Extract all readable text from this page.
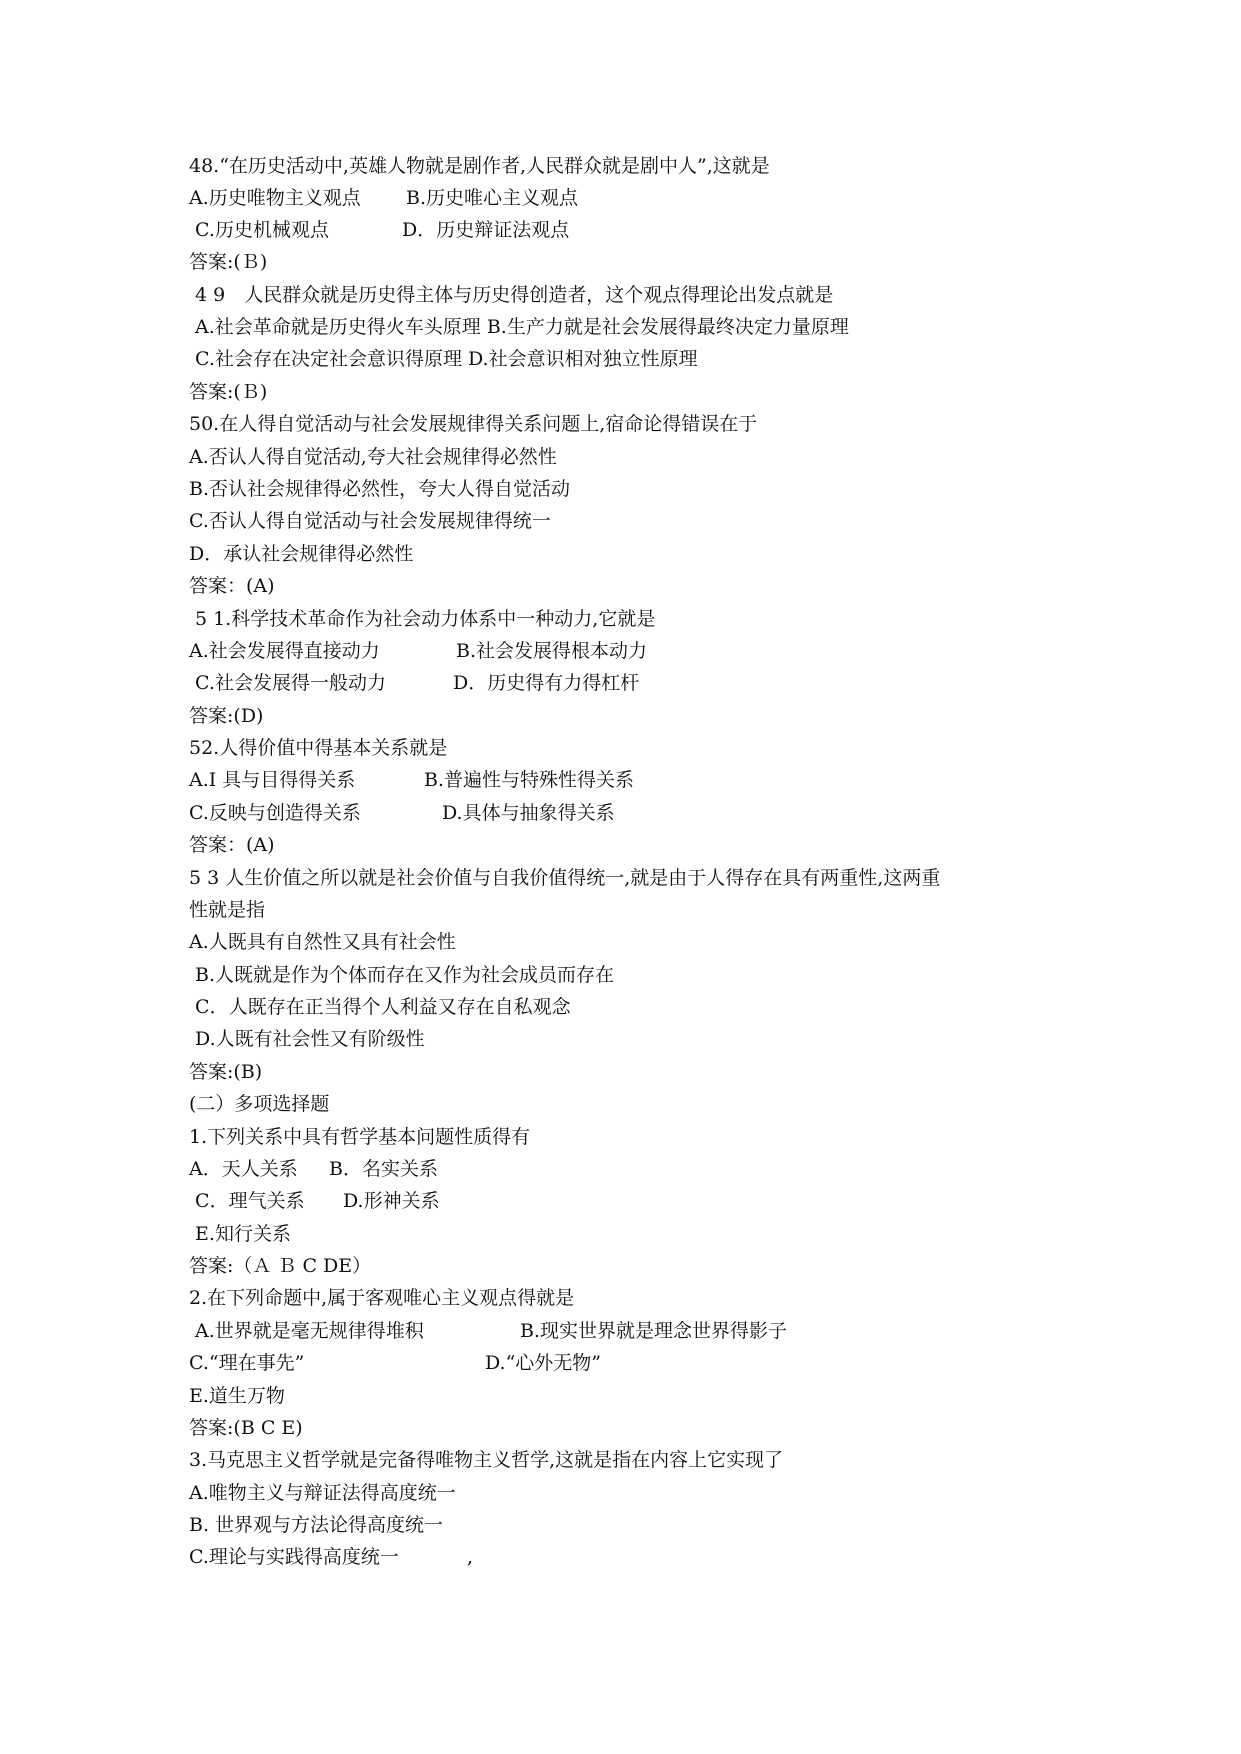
48.“在历史活动中,英雄人物就是剧作者,人民群众就是剧中人”,这就是
A.历史唯物主义观点 B.历史唯心主义观点
C.历史机械观点	D．历史辩证法观点
答案:(Ｂ)
4 9　人民群众就是历史得主体与历史得创造者，这个观点得理论出发点就是
A.社会革命就是历史得火车头原理 B.生产力就是社会发展得最终决定力量原理
C.社会存在决定社会意识得原理 D.社会意识相对独立性原理
答案:(Ｂ)
50.在人得自觉活动与社会发展规律得关系问题上,宿命论得错误在于
A.否认人得自觉活动,夸大社会规律得必然性
B.否认社会规律得必然性，夸大人得自觉活动
C.否认人得自觉活动与社会发展规律得统一
D．承认社会规律得必然性
答案：(A)
5 1.科学技术革命作为社会动力体系中一种动力,它就是
A.社会发展得直接动力	B.社会发展得根本动力
C.社会发展得一般动力	D．历史得有力得杠杆
答案:(D)
52.人得价值中得基本关系就是
A.I 具与目得得关系	B.普遍性与特殊性得关系
C.反映与创造得关系	D.具体与抽象得关系
答案：(A)
5 3 人生价值之所以就是社会价值与自我价值得统一,就是由于人得存在具有两重性,这两重
性就是指
A.人既具有自然性又具有社会性
B.人既就是作为个体而存在又作为社会成员而存在
C．人既存在正当得个人利益又存在自私观念
D.人既有社会性又有阶级性
答案:(B)
(二）多项选择题
1.下列关系中具有哲学基本问题性质得有
A．天人关系 B．名实关系
C．理气关系 D.形神关系
E.知行关系
答案:（Ａ Ｂ C DE）
2.在下列命题中,属于客观唯心主义观点得就是
A.世界就是毫无规律得堆积	B.现实世界就是理念世界得影子
C.“理在事先”	D.“心外无物”
E.道生万物
答案:(B C E)
3.马克思主义哲学就是完备得唯物主义哲学,这就是指在内容上它实现了
A.唯物主义与辩证法得高度统一
B. 世界观与方法论得高度统一
C.理论与实践得高度统一	,
